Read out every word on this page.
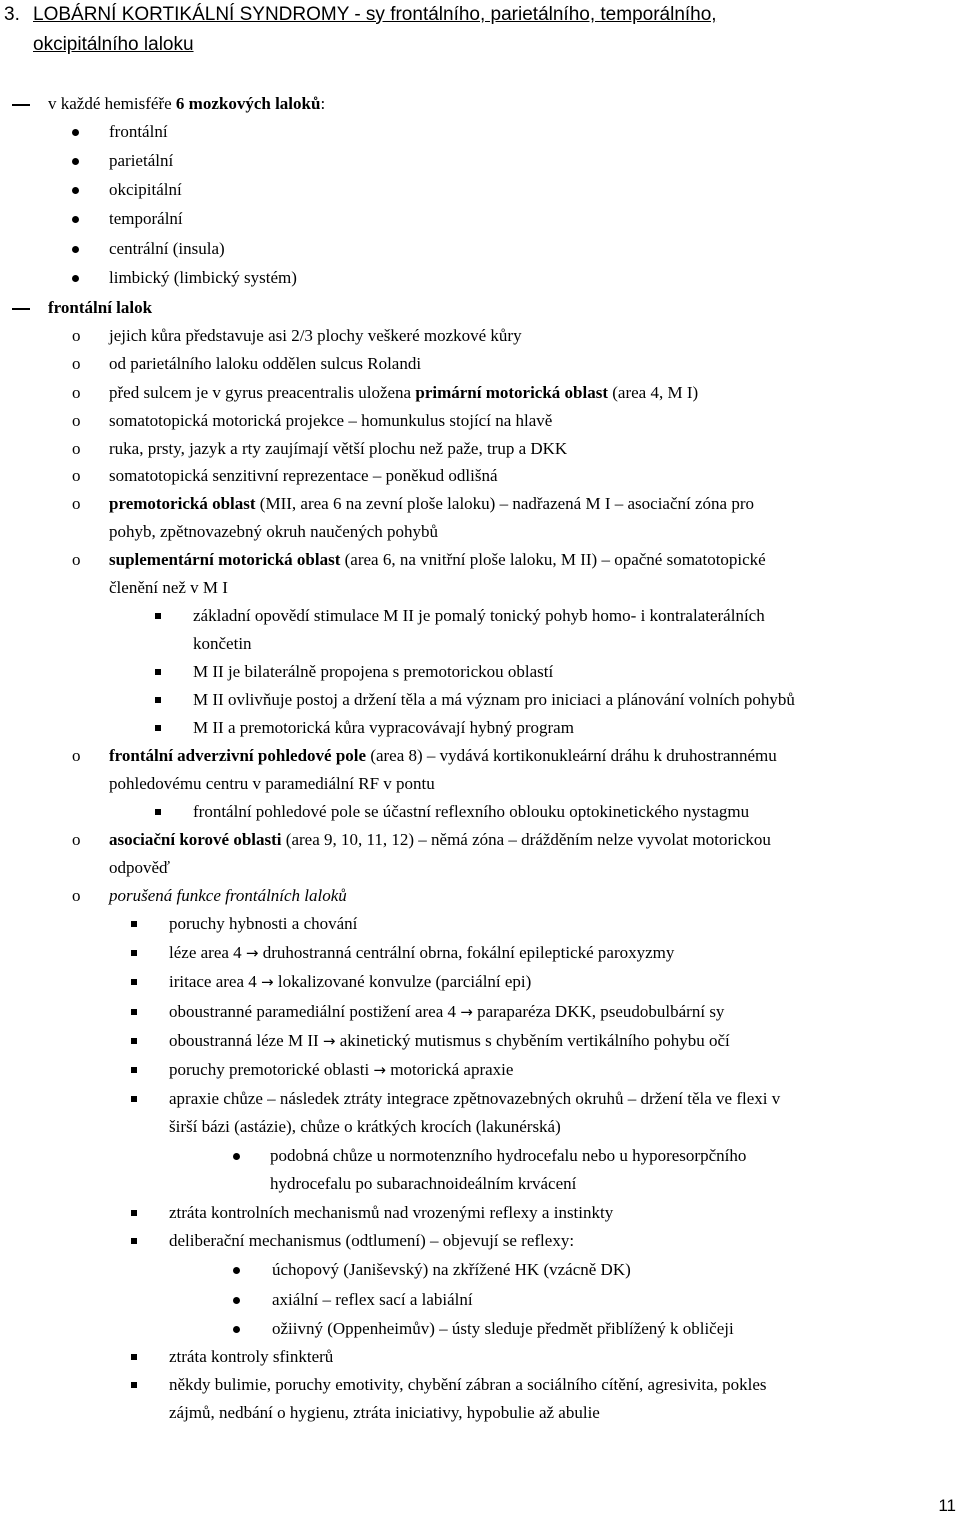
3. LOBÁRNÍ KORTIKÁLNÍ SYNDROMY - sy frontálního, parietálního, temporálního,
okcipitálního laloku
v každé hemisféře 6 mozkových laloků:
frontální
parietální
okcipitální
temporální
centrální (insula)
limbický (limbický systém)
frontální lalok
o jejich kůra představuje asi 2/3 plochy veškeré mozkové kůry
o od parietálního laloku oddělen sulcus Rolandi
o před sulcem je v gyrus preacentralis uložena primární motorická oblast (area 4, M I)
o somatotopická motorická projekce – homunkulus stojící na hlavě
o ruka, prsty, jazyk a rty zaujímají větší plochu než paže, trup a DKK
o somatotopická senzitivní reprezentace – poněkud odlišná
o premotorická oblast (MII, area 6 na zevní ploše laloku) – nadřazená M I – asociační zóna pro
pohyb, zpětnovazebný okruh naučených pohybů
o suplementární motorická oblast (area 6, na vnitřní ploše laloku, M II) – opačné somatotopické
členění než v M I
základní opovědí stimulace M II je pomalý tonický pohyb homo- i kontralaterálních
končetin
M II je bilaterálně propojena s premotorickou oblastí
M II ovlivňuje postoj a držení těla a má význam pro iniciaci a plánování volních pohybů
M II a premotorická kůra vypracovávají hybný program
o frontální adverzivní pohledové pole (area 8) – vydává kortikonukleární dráhu k druhostrannému
pohledovému centru v paramediální RF v pontu
frontální pohledové pole se účastní reflexního oblouku optokinetického nystagmu
o asociační korové oblasti (area 9, 10, 11, 12) – němá zóna – drážděním nelze vyvolat motorickou
odpověď
o porušená funkce frontálních laloků
poruchy hybnosti a chování
léze area 4 → druhostranná centrální obrna, fokální epileptické paroxyzmy
iritace area 4 → lokalizované konvulze (parciální epi)
oboustranné paramediální postižení area 4 → paraparéza DKK, pseudobulbární sy
oboustranná léze M II → akinetický mutismus s chyběním vertikálního pohybu očí
poruchy premotorické oblasti → motorická apraxie
apraxie chůze – následek ztráty integrace zpětnovazebných okruhů – držení těla ve flexi v
širší bázi (astázie), chůze o krátkých krocích (lakunérská)
podobná chůze u normotenzního hydrocefalu nebo u hyporesorpčního
hydrocefalu po subarachnoideálním krvácení
ztráta kontrolních mechanismů nad vrozenými reflexy a instinkty
deliberační mechanismus (odtlumení) – objevují se reflexy:
úchopový (Janiševský) na zkřížené HK (vzácně DK)
axiální – reflex sací a labiální
ožiivný (Oppenheimův) – ústy sleduje předmět přiblížený k obličeji
ztráta kontroly sfinkterů
někdy bulimie, poruchy emotivity, chybění zábran a sociálního cítění, agresivita, pokles
zájmů, nedbání o hygienu, ztráta iniciativy, hypobulie až abulie
11
